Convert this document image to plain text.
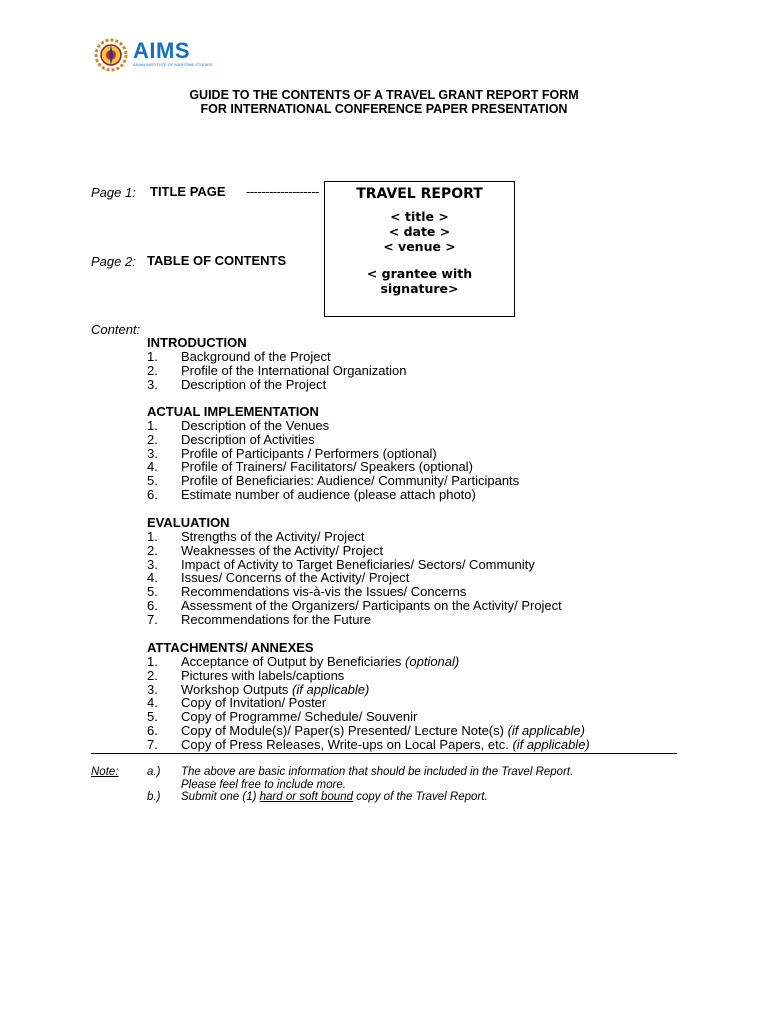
AIMS
ASIAN INSTITUTE OF MARITIME STUDIES
GUIDE TO THE CONTENTS OF A TRAVEL GRANT REPORT FORM
FOR INTERNATIONAL CONFERENCE PAPER PRESENTATION
Page 1: TITLE PAGE -------------------	TRAVEL REPORT
< title >
< date >
< venue >
< grantee with
signature>
Page 2: TABLE OF CONTENTS
Content:
INTRODUCTION
1. Background of the Project
2. Profile of the International Organization
3. Description of the Project
ACTUAL IMPLEMENTATION
1. Description of the Venues
2. Description of Activities
3. Profile of Participants / Performers (optional)
4. Profile of Trainers/ Facilitators/ Speakers (optional)
5. Profile of Beneficiaries: Audience/ Community/ Participants
6. Estimate number of audience (please attach photo)
EVALUATION
1. Strengths of the Activity/ Project
2. Weaknesses of the Activity/ Project
3. Impact of Activity to Target Beneficiaries/ Sectors/ Community
4. Issues/ Concerns of the Activity/ Project
5. Recommendations vis-à-vis the Issues/ Concerns
6. Assessment of the Organizers/ Participants on the Activity/ Project
7. Recommendations for the Future
ATTACHMENTS/ ANNEXES
1. Acceptance of Output by Beneficiaries (optional)
2. Pictures with labels/captions
3. Workshop Outputs (if applicable)
4. Copy of Invitation/ Poster
5. Copy of Programme/ Schedule/ Souvenir
6. Copy of Module(s)/ Paper(s) Presented/ Lecture Note(s) (if applicable)
7. Copy of Press Releases, Write-ups on Local Papers, etc. (if applicable)
Note: a.) The above are basic information that should be included in the Travel Report.
Please feel free to include more.
b.) Submit one (1) hard or soft bound copy of the Travel Report.
